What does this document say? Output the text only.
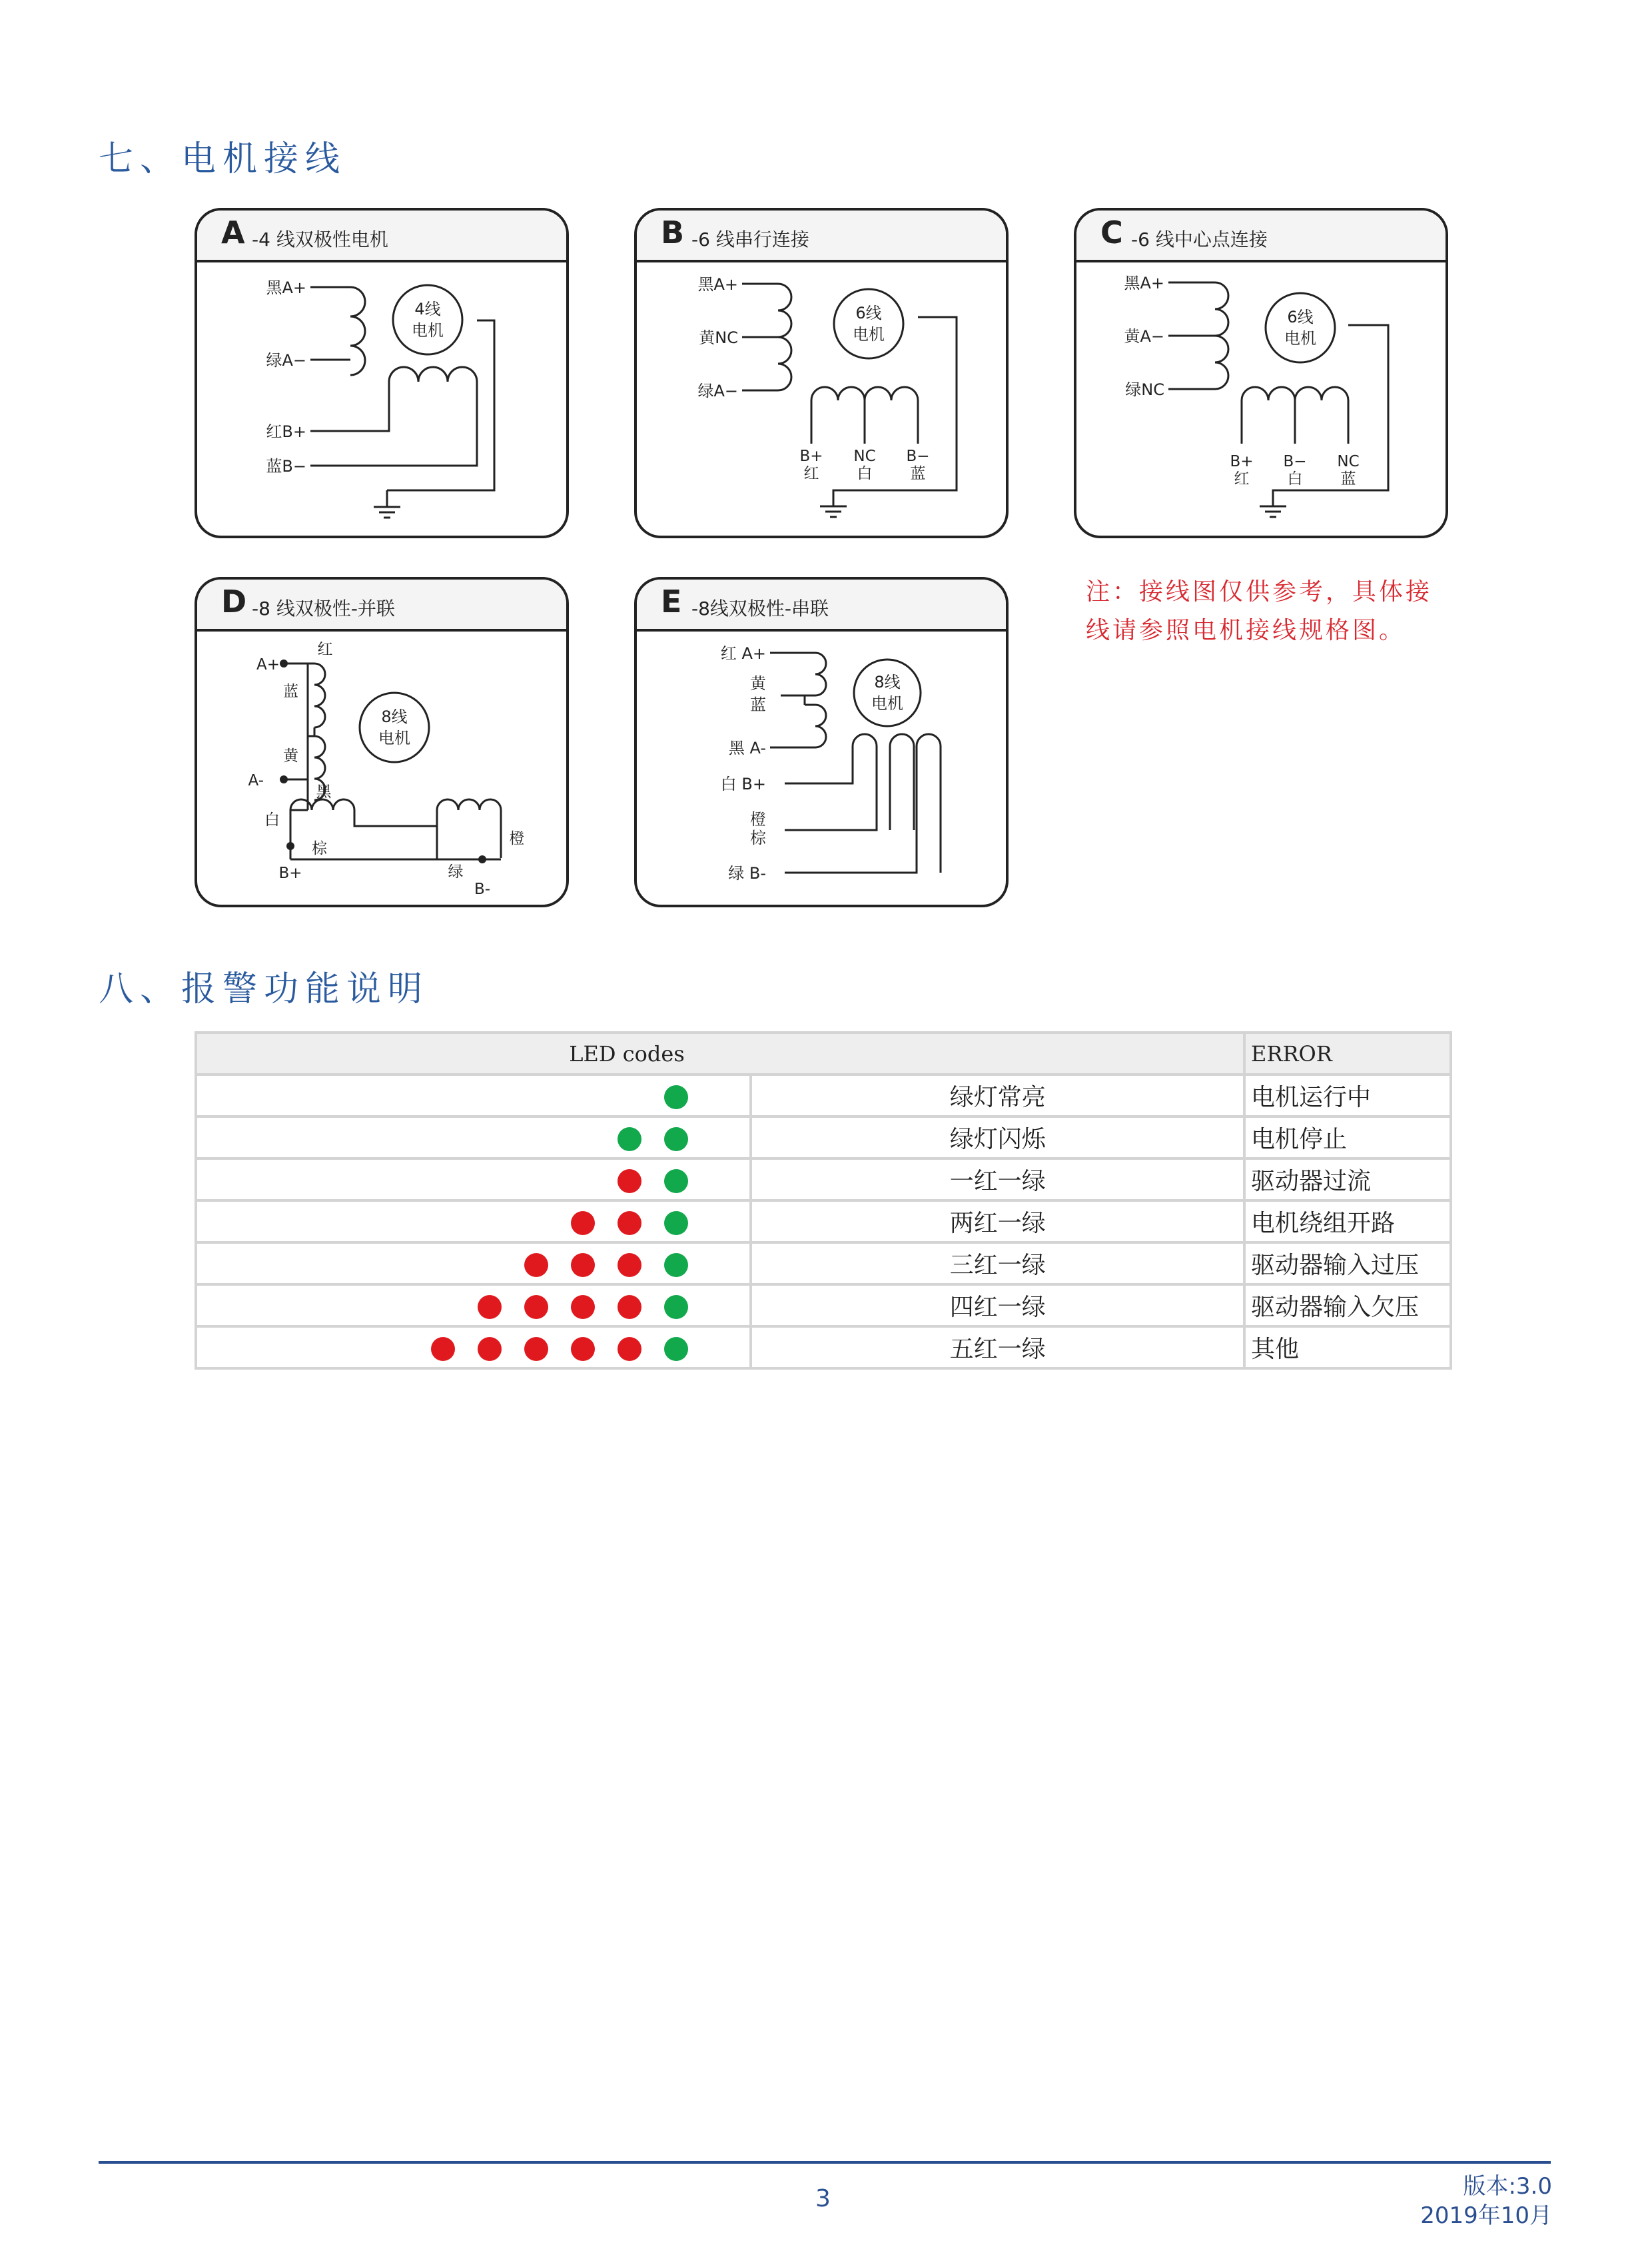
七、电机接线
A -4 线双极性电机
4线
电机
黑A+
绿A−
红B+
蓝B−
B -6 线串行连接
6线
电机
黑A+
黄NC
绿A−
B+
红
NC
白
B−
蓝
C -6 线中心点连接
6线
电机
黑A+
黄A−
绿NC
B+
红
B−
白
NC
蓝
D -8 线双极性-并联
8线
电机
A+
红
蓝
黄
A-
黑
白
棕
B+	绿
橙
B-
E -8线双极性-串联
8线
电机
红 A+
黄
蓝
黑 A-
白 B+
橙
棕
绿 B-
注：接线图仅供参考，具体接
线请参照电机接线规格图。
八、报警功能说明
LED codes		ERROR
	绿灯常亮	电机运行中
	绿灯闪烁	电机停止
	一红一绿	驱动器过流
	两红一绿	电机绕组开路
	三红一绿	驱动器输入过压
	四红一绿	驱动器输入欠压
	五红一绿	其他
3	版本:3.0
2019年10月
